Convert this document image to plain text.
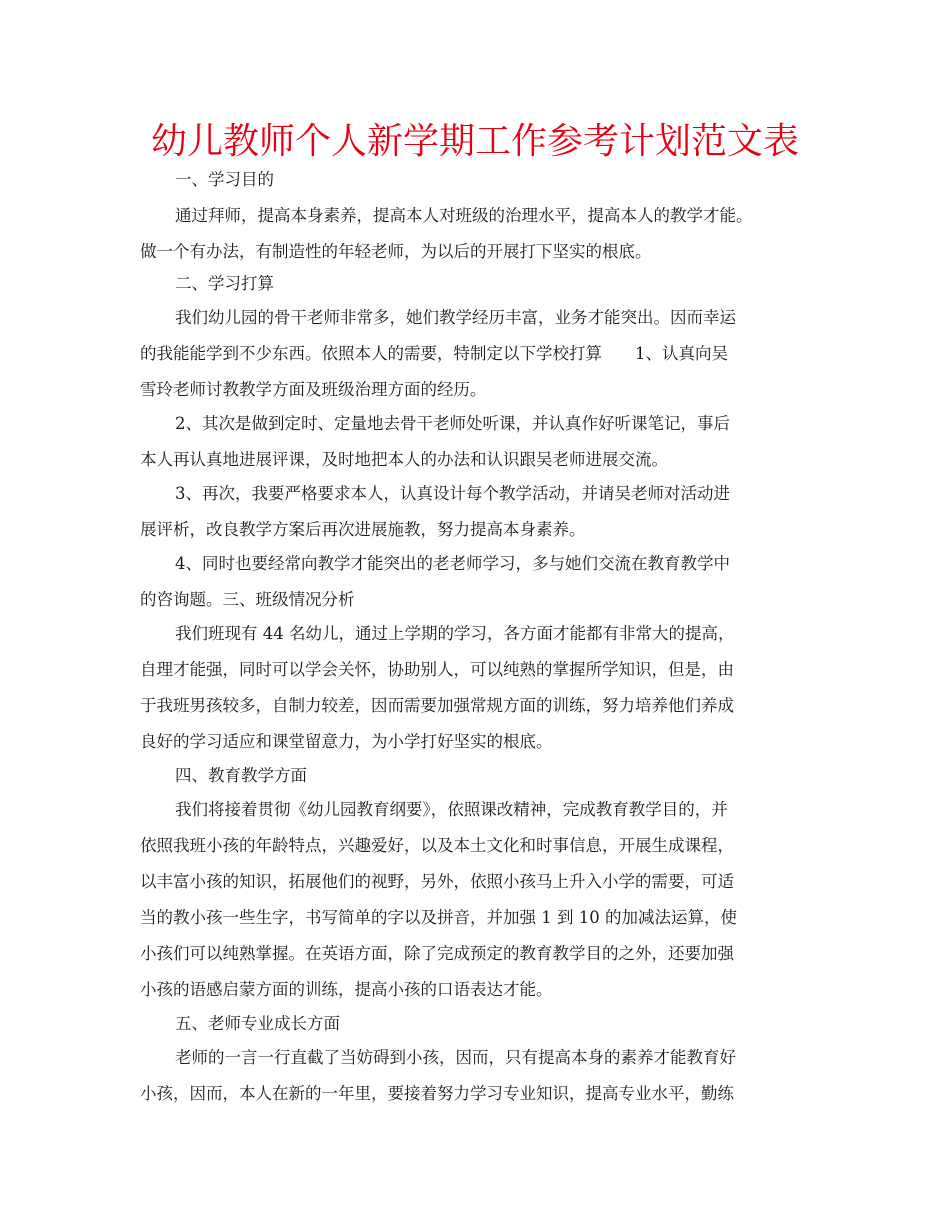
幼儿教师个人新学期工作参考计划范文表
一、学习目的
通过拜师，提高本身素养，提高本人对班级的治理水平，提高本人的教学才能。
做一个有办法，有制造性的年轻老师，为以后的开展打下坚实的根底。
二、学习打算
我们幼儿园的骨干老师非常多，她们教学经历丰富，业务才能突出。因而幸运
的我能能学到不少东西。依照本人的需要，特制定以下学校打算　　1、认真向吴
雪玲老师讨教教学方面及班级治理方面的经历。
2、其次是做到定时、定量地去骨干老师处听课，并认真作好听课笔记，事后
本人再认真地进展评课，及时地把本人的办法和认识跟吴老师进展交流。
3、再次，我要严格要求本人，认真设计每个教学活动，并请吴老师对活动进
展评析，改良教学方案后再次进展施教，努力提高本身素养。
4、同时也要经常向教学才能突出的老老师学习，多与她们交流在教育教学中
的咨询题。三、班级情况分析
我们班现有 44 名幼儿，通过上学期的学习，各方面才能都有非常大的提高，
自理才能强，同时可以学会关怀，协助别人，可以纯熟的掌握所学知识，但是，由
于我班男孩较多，自制力较差，因而需要加强常规方面的训练，努力培养他们养成
良好的学习适应和课堂留意力，为小学打好坚实的根底。
四、教育教学方面
我们将接着贯彻《幼儿园教育纲要》，依照课改精神，完成教育教学目的，并
依照我班小孩的年龄特点，兴趣爱好，以及本土文化和时事信息，开展生成课程，
以丰富小孩的知识，拓展他们的视野，另外，依照小孩马上升入小学的需要，可适
当的教小孩一些生字，书写简单的字以及拼音，并加强 1 到 10 的加减法运算，使
小孩们可以纯熟掌握。在英语方面，除了完成预定的教育教学目的之外，还要加强
小孩的语感启蒙方面的训练，提高小孩的口语表达才能。
五、老师专业成长方面
老师的一言一行直截了当妨碍到小孩，因而，只有提高本身的素养才能教育好
小孩，因而，本人在新的一年里，要接着努力学习专业知识，提高专业水平，勤练
